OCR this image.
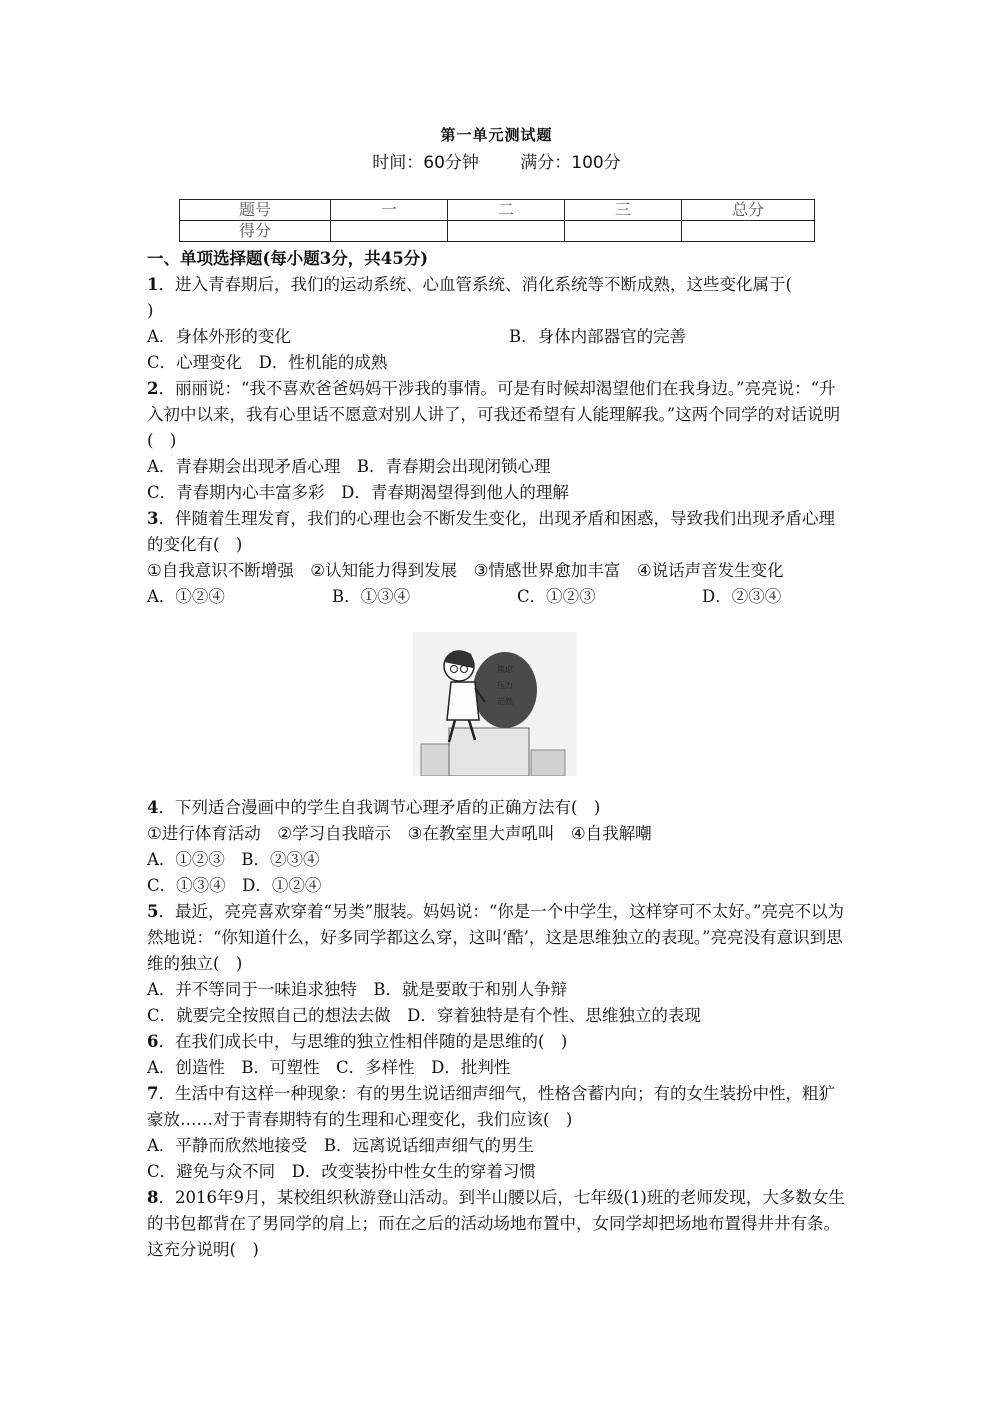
第一单元测试题
时间：60分钟 满分：100分
题号	一	二	三	总分
得分				
一、单项选择题(每小题3分，共45分)
1．进入青春期后，我们的运动系统、心血管系统、消化系统等不断成熟，这些变化属于(
)
A．身体外形的变化	B．身体内部器官的完善
C．心理变化　D．性机能的成熟
2．丽丽说：“我不喜欢爸爸妈妈干涉我的事情。可是有时候却渴望他们在我身边。”亮亮说：“升入初中以来，我有心里话不愿意对别人讲了，可我还希望有人能理解我。”这两个同学的对话说明(　)
A．青春期会出现矛盾心理　B．青春期会出现闭锁心理
C．青春期内心丰富多彩　D．青春期渴望得到他人的理解
3．伴随着生理发育，我们的心理也会不断发生变化，出现矛盾和困惑，导致我们出现矛盾心理的变化有(　)
①自我意识不断增强　②认知能力得到发展　③情感世界愈加丰富　④说话声音发生变化
A．①②④	B．①③④	C．①②③	D．②③④
4．下列适合漫画中的学生自我调节心理矛盾的正确方法有(　)
①进行体育活动　②学习自我暗示　③在教室里大声吼叫　④自我解嘲
A．①②③　B．②③④
C．①③④　D．①②④
5．最近，亮亮喜欢穿着“另类”服装。妈妈说：“你是一个中学生，这样穿可不太好。”亮亮不以为然地说：“你知道什么，好多同学都这么穿，这叫‘酷’，这是思维独立的表现。”亮亮没有意识到思维的独立(　)
A．并不等同于一味追求独特　B．就是要敢于和别人争辩
C．就要完全按照自己的想法去做　D．穿着独特是有个性、思维独立的表现
6．在我们成长中，与思维的独立性相伴随的是思维的(　)
A．创造性　B．可塑性　C．多样性　D．批判性
7．生活中有这样一种现象：有的男生说话细声细气，性格含蓄内向；有的女生装扮中性，粗犷豪放……对于青春期特有的生理和心理变化，我们应该(　)
A．平静而欣然地接受　B．远离说话细声细气的男生
C．避免与众不同　D．改变装扮中性女生的穿着习惯
8．2016年9月，某校组织秋游登山活动。到半山腰以后，七年级(1)班的老师发现，大多数女生的书包都背在了男同学的肩上；而在之后的活动场地布置中，女同学却把场地布置得井井有条。这充分说明(　)
焦虑
压力
茫然
